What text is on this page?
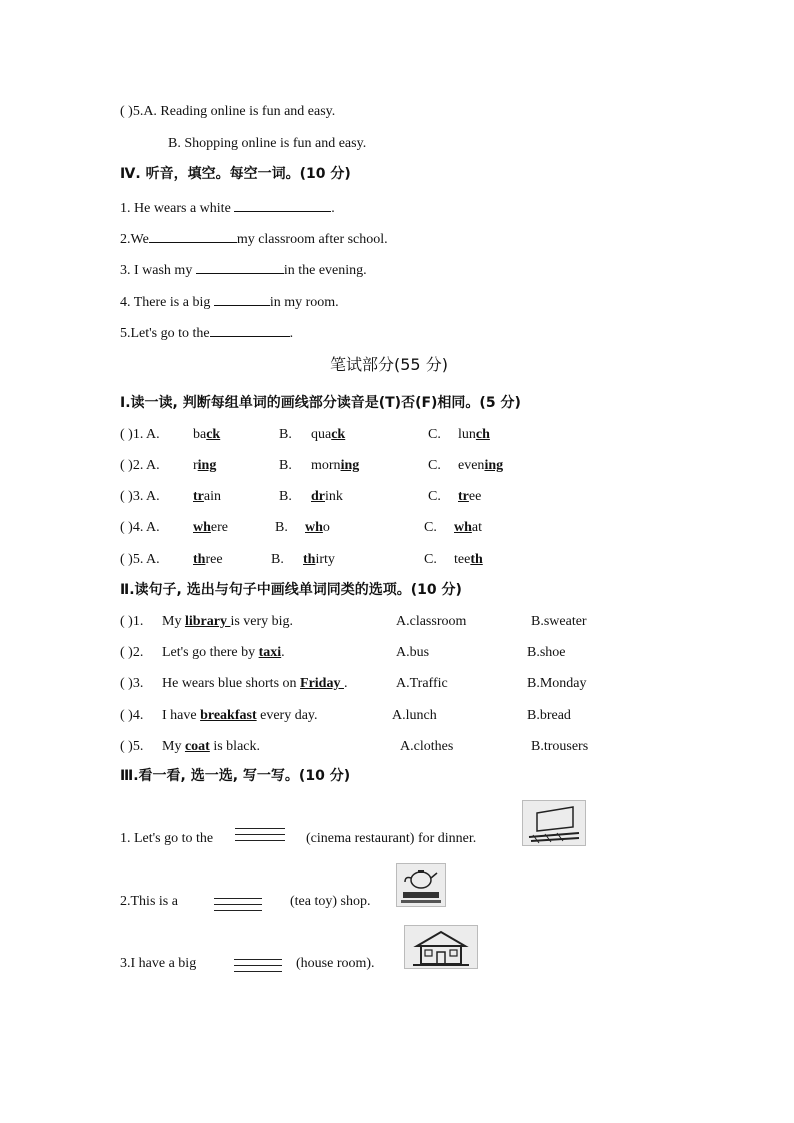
( )5.A. Reading online is fun and easy.
B. Shopping online is fun and easy.
Ⅳ. 听音，填空。每空一词。(10 分)
1. He wears a white	.
2.We	my classroom after school.
3. I wash my	in the evening.
4. There is a big	in my room.
5.Let's go to the	.
笔试部分(55 分)
Ⅰ.读一读, 判断每组单词的画线部分读音是(T)否(F)相同。(5 分)
( )1. A. back	B. quack	C. lunch
( )2. A. ring	B. morning	C. evening
( )3. A. train	B. drink	C. tree
( )4. A. where	B. who	C. what
( )5. A. three	B. thirty	C. teeth
Ⅱ.读句子, 选出与句子中画线单词同类的选项。(10 分)
( )1. My library is very big.	A.classroom	B.sweater
( )2. Let's go there by taxi.	A.bus	B.shoe
( )3. He wears blue shorts on Friday .	A.Traffic	B.Monday
( )4. I have breakfast every day.	A.lunch	B.bread
( )5. My coat is black.	A.clothes	B.trousers
Ⅲ.看一看, 选一选, 写一写。(10 分)
1. Let's go to the	(cinema restaurant) for dinner.
2.This is a	(tea toy) shop.
3.I have a big	(house room).
